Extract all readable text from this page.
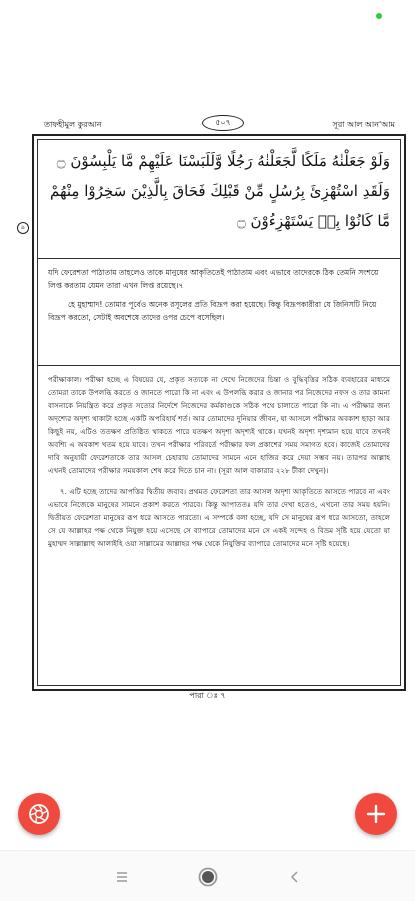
তাফহীমুল কুরআন	৫০৭	সূরা আল আন'আম
৯
وَلَوْ جَعَلْنٰهُ مَلَكًا لَّجَعَلْنٰهُ رَجُلًا وَّلَلَبَسْنَا عَلَيْهِمْ مَّا يَلْبِسُوْنَ ۝ وَلَقَدِ اسْتُهْزِئَ بِرُسُلٍ مِّنْ قَبْلِكَ فَحَاقَ بِالَّذِيْنَ سَخِرُوْا مِنْهُمْ مَّا كَانُوْا بِهٖ يَسْتَهْزِءُوْنَ ۝

যদি ফেরেশতা পাঠাতাম তাহলেও তাকে মানুষের আকৃতিতেই পাঠাতাম এবং এভাবে তাদেরকে ঠিক তেমনি সংশয়ে লিপ্ত করতাম যেমন তারা এখন লিপ্ত রয়েছে।৭

হে মুহাম্মাদ! তোমার পূর্বেও অনেক রসূলের প্রতি বিদ্রূপ করা হয়েছে। কিন্তু বিদ্রূপকারীরা যে জিনিসটি নিয়ে বিদ্রূপ করতো, সেটাই অবশেষে তাদের ওপর চেপে বসেছিল।

পরীক্ষাকাল। পরীক্ষা হচ্ছে এ বিষয়ের যে, প্রকৃত সত্যকে না দেখে নিজেদের চিন্তা ও বুদ্ধিবৃত্তির সঠিক ব্যবহারের মাধ্যমে তোমরা তাকে উপলব্ধি করতে ও জানতে পারো কি না এবং এ উপলব্ধি করার ও জানার পর নিজেদের নফস ও তার কামনা বাসনাকে নিয়ন্ত্রিত করে প্রকৃত সত্যের নির্দেশে নিজেদের কর্মকাণ্ডকে সঠিক পথে চালাতে পারো কি না। এ পরীক্ষার জন্য অদৃশ্যের অদৃশ্য থাকাটা হচ্ছে একটি অপরিহার্য শর্ত। আর তোমাদের দুনিয়ার জীবন, যা আসলে পরীক্ষার অবকাশ ছাড়া আর কিছুই নয়, এটিও ততক্ষণ প্রতিষ্ঠিত থাকতে পারে যতক্ষণ অদৃশ্য অদৃশ্যই থাকে। যখনই অদৃশ্য দৃশ্যমান হয়ে যাবে তখনই অবশ্যি এ অবকাশ খতম হয়ে যাবে। তখন পরীক্ষার পরিবর্তে পরীক্ষার ফল প্রকাশের সময় সমাগত হবে। কাজেই তোমাদের দাবি অনুযায়ী ফেরেশতাকে তার আসল চেহারায় তোমাদের সামনে এনে হাজির করে দেয়া সম্ভব নয়। তারপর আল্লাহ এখনই তোমাদের পরীক্ষার সময়কাল শেষ করে দিতে চান না। (সূরা আল বাকারার ২২৮ টীকা দেখুন)।

৭. এটি হচ্ছে তাদের আপত্তির দ্বিতীয় জবাব। প্রথমত ফেরেশতা তার আসল অদৃশ্য আকৃতিতে আসতে পারবে না এবং এভাবে নিজেকে মানুষের সামনে প্রকাশ করতে পারবে। কিন্তু আপাততঃ যদি তার দেখা হতেও, এখনো তার সময় হয়নি। দ্বিতীয়ত ফেরেশতা মানুষের রূপ ধরে আসতে পারতো। এ সম্পর্কে বলা হচ্ছে, যদি সে মানুষের রূপ ধরে আসতো, তাহলে সে যে আল্লাহর পক্ষ থেকে নিযুক্ত হয়ে এসেছে সে ব্যাপারে তোমাদের মনে সে একই সন্দেহ ও বিভ্রম সৃষ্টি হয়ে যেতো যা মুহাম্মদ সাল্লাল্লাহু আলাইহি ওয়া সাল্লামের আল্লাহর পক্ষ থেকে নিযুক্তির ব্যাপারে তোমাদের মনে সৃষ্টি হয়েছে।

পারা ঃ ৭
